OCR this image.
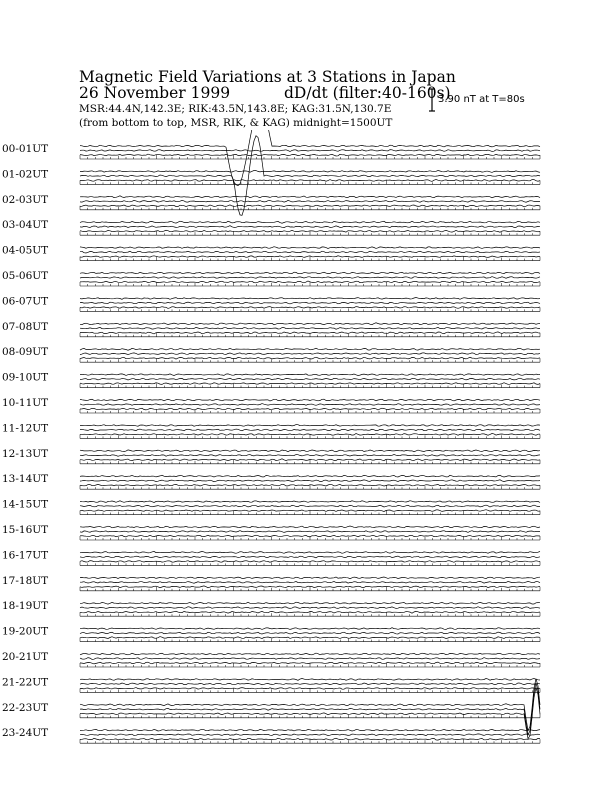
Magnetic Field Variations at 3 Stations in Japan
26 November 1999	dD/dt (filter:40-160s)
MSR:44.4N,142.3E; RIK:43.5N,143.8E; KAG:31.5N,130.7E
(from bottom to top, MSR, RIK, & KAG) midnight=1500UT
3.90 nT at T=80s
00-01UT
01-02UT
02-03UT
03-04UT
04-05UT
05-06UT
06-07UT
07-08UT
08-09UT
09-10UT
10-11UT
11-12UT
12-13UT
13-14UT
14-15UT
15-16UT
16-17UT
17-18UT
18-19UT
19-20UT
20-21UT
21-22UT
22-23UT
23-24UT
